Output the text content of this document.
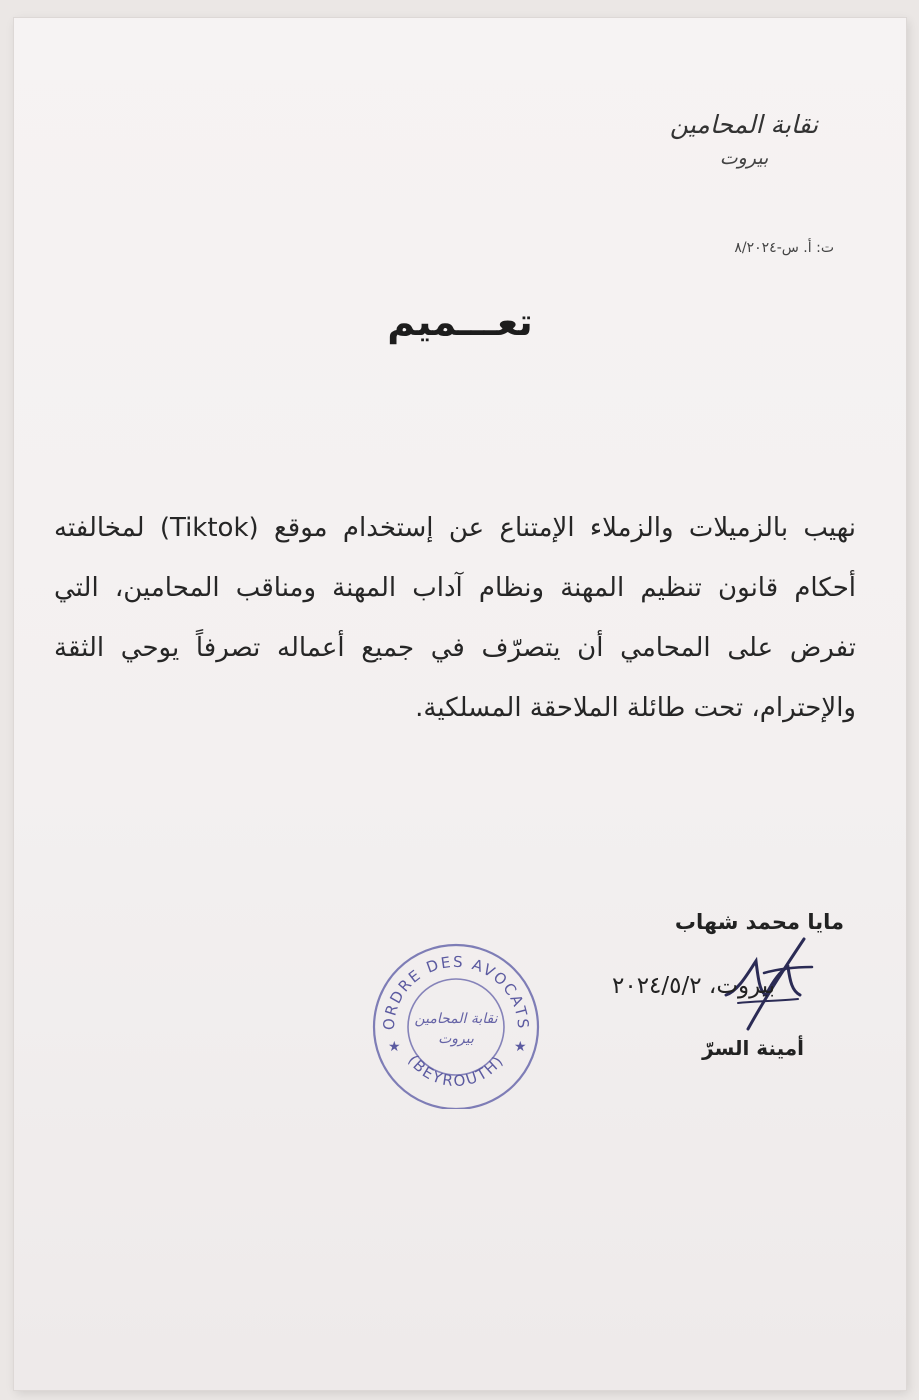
نقابة المحامين
بيروت
ت: أ. س-٨/٢٠٢٤
تعـــميم

نهيب بالزميلات والزملاء الإمتناع عن إستخدام موقع (Tiktok) لمخالفته أحكام قانون تنظيم المهنة ونظام آداب المهنة ومناقب المحامين، التي تفرض على المحامي أن يتصرّف في جميع أعماله تصرفاً يوحي الثقة والإحترام، تحت طائلة الملاحقة المسلكية.

مايا محمد شهاب
أمينة السرّ
بيروت، ٢٠٢٤/٥/٢
ORDRE DES AVOCATS
(BEYROUTH)
نقابة المحامين
بيروت
★	★
